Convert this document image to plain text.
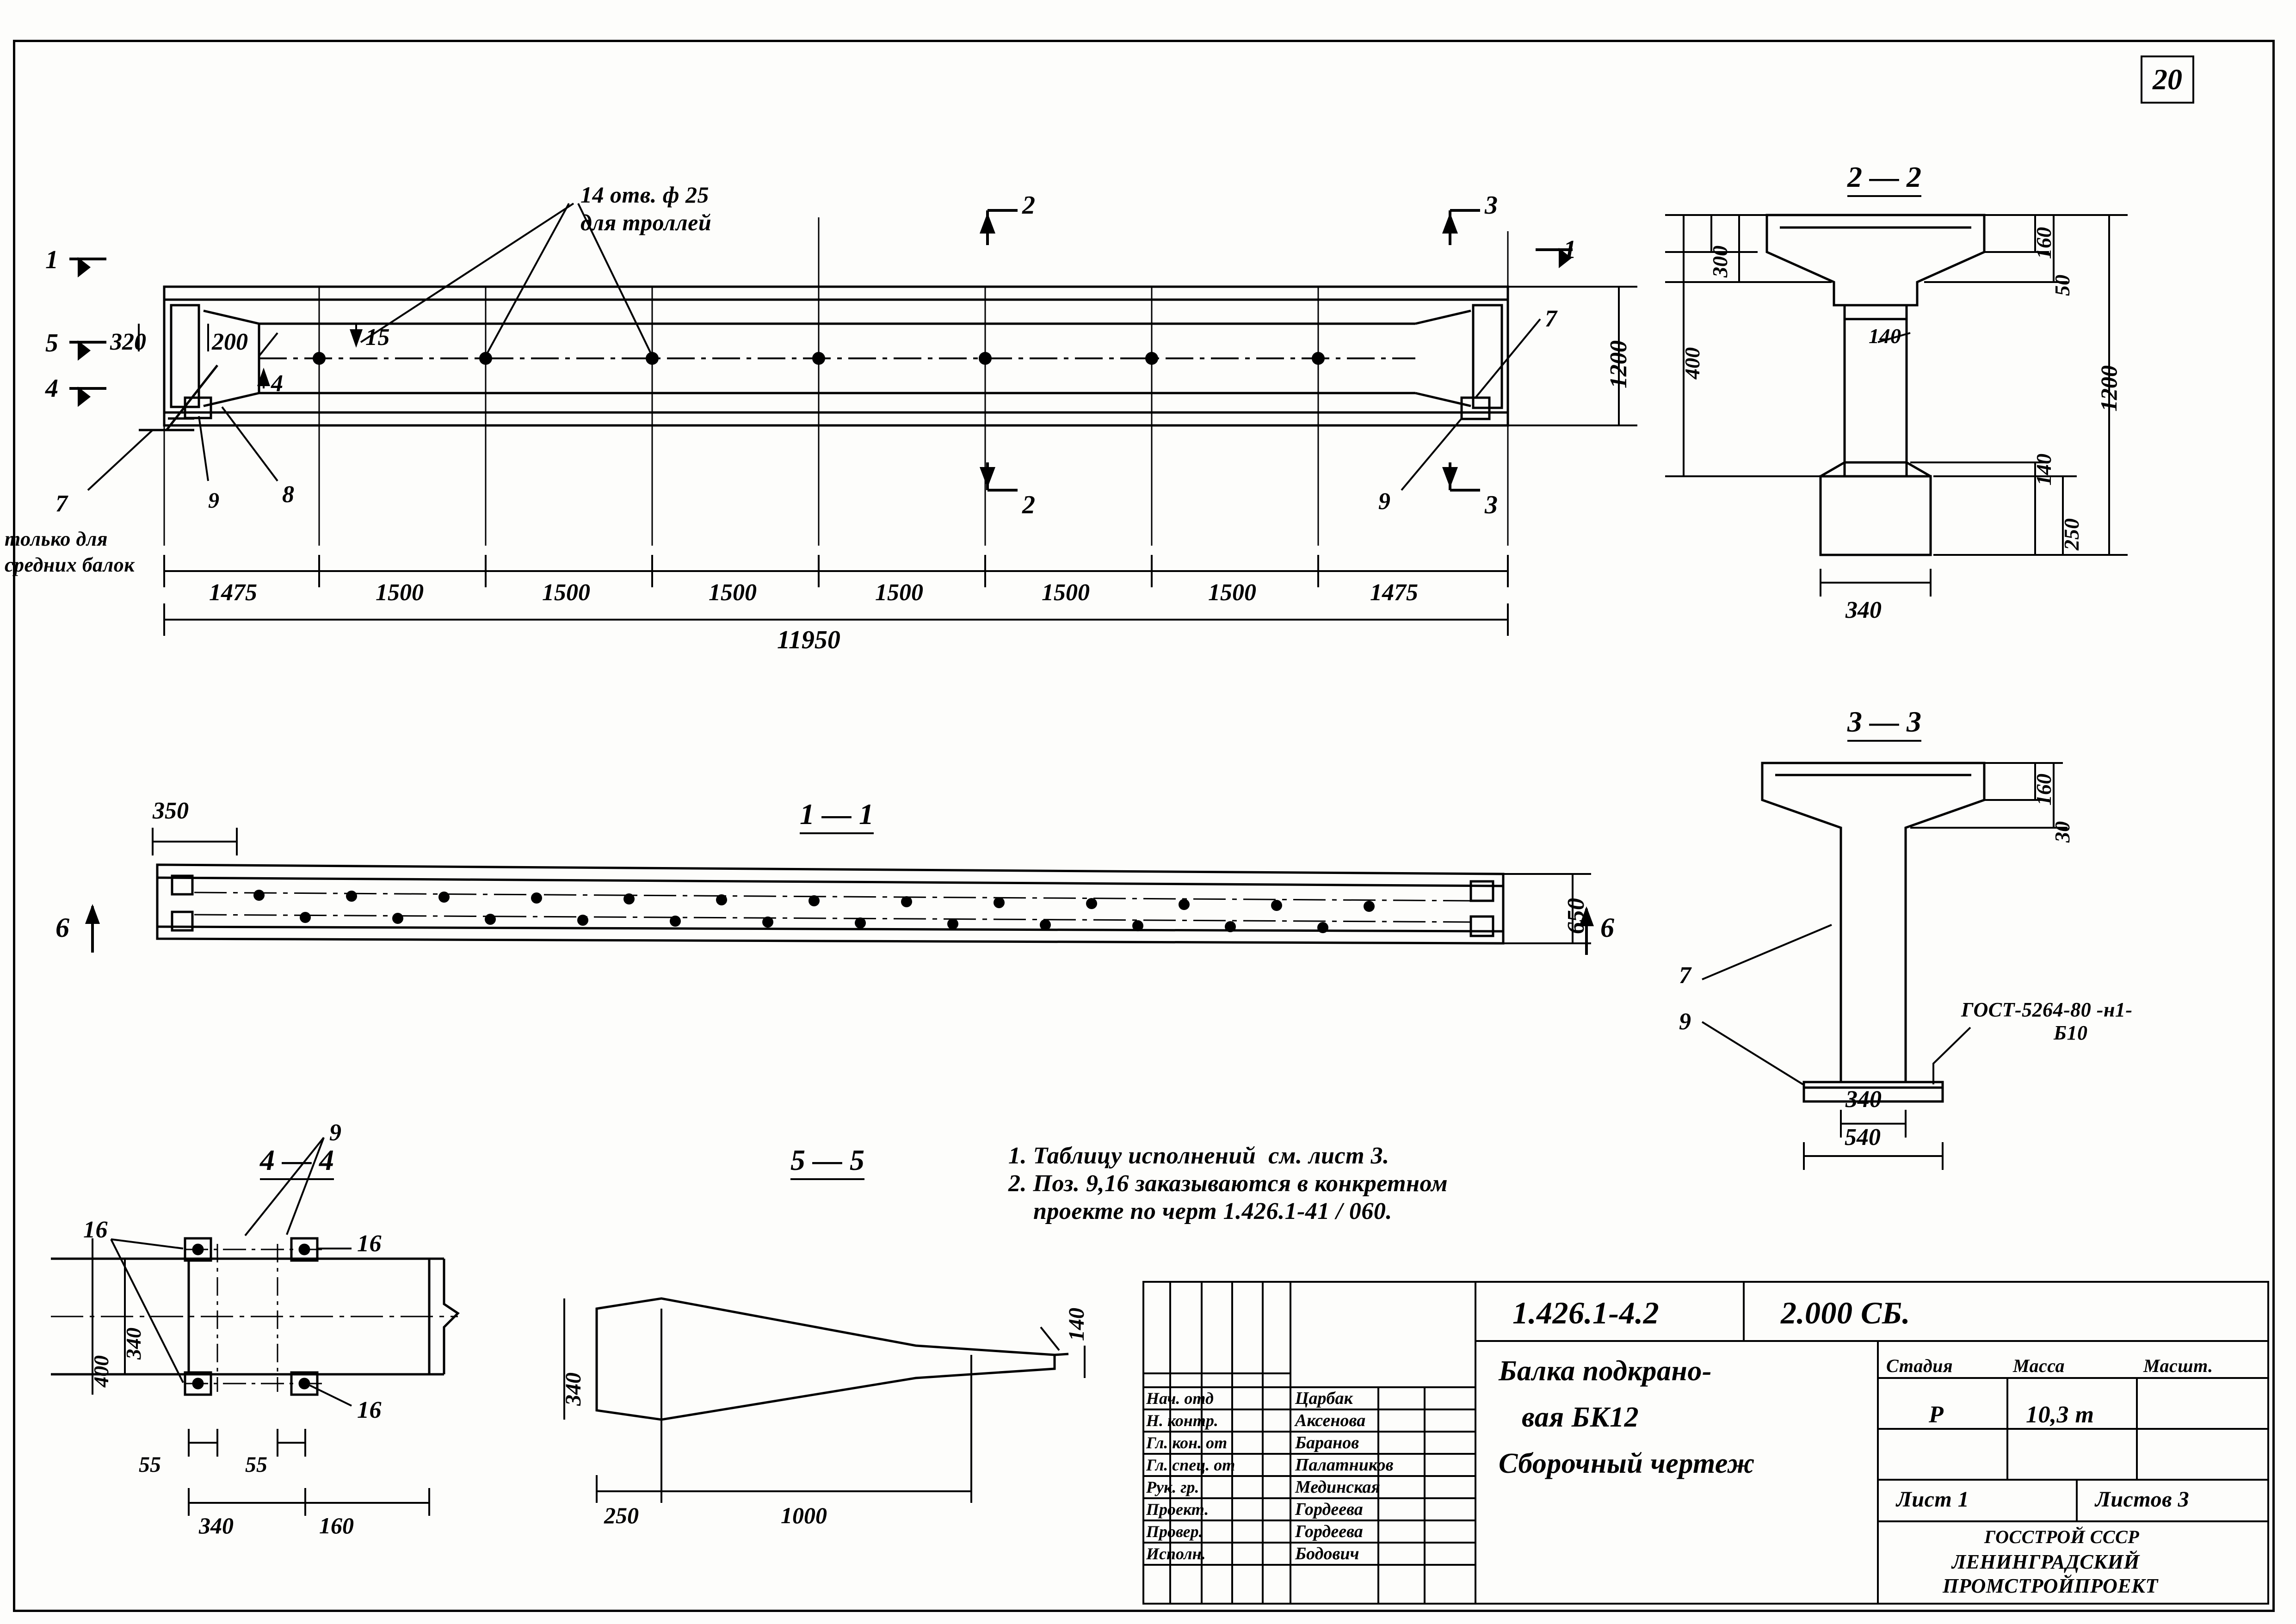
20
14 отв. ф 25
для троллей
только для
средних балок
1
5
4
7	8
9
15
4
7
9
2
2
3
3
1
320	200
1475	1500	1500	1500	1500	1500	1500	1475
11950
1200

1 — 1

350
650
6	6

2 — 2

160
300
400
50
140
140
250
1200
340

3 — 3

160
30
340
540
ГОСТ-5264-80 -н1-
Б10
7
9

4 — 4

9
16
16
16
340
400
55	55
340	160

5 — 5

340
140
250	1000
1. Таблицу исполнений  см. лист 3.
2. Поз. 9,16 заказываются в конкретном
проекте по черт 1.426.1-41 / 060.
1.426.1-4.2	2.000 СБ.
Балка подкрано-
вая БК12
Сборочный чертеж
Стадия	Масса	Масшт.
Р	10,3 т
Лист 1	Листов 3
ГОССТРОЙ СССР
ЛЕНИНГРАДСКИЙ
ПРОМСТРОЙПРОЕКТ
Нач. отд	Царбак
Н. контр.	Аксенова
Гл. кон. от	Баранов
Гл. спец. от	Палатников
Рук. гр.	Мединская
Проект.	Гордеева
Провер.	Гордеева
Исполн.	Бодович
